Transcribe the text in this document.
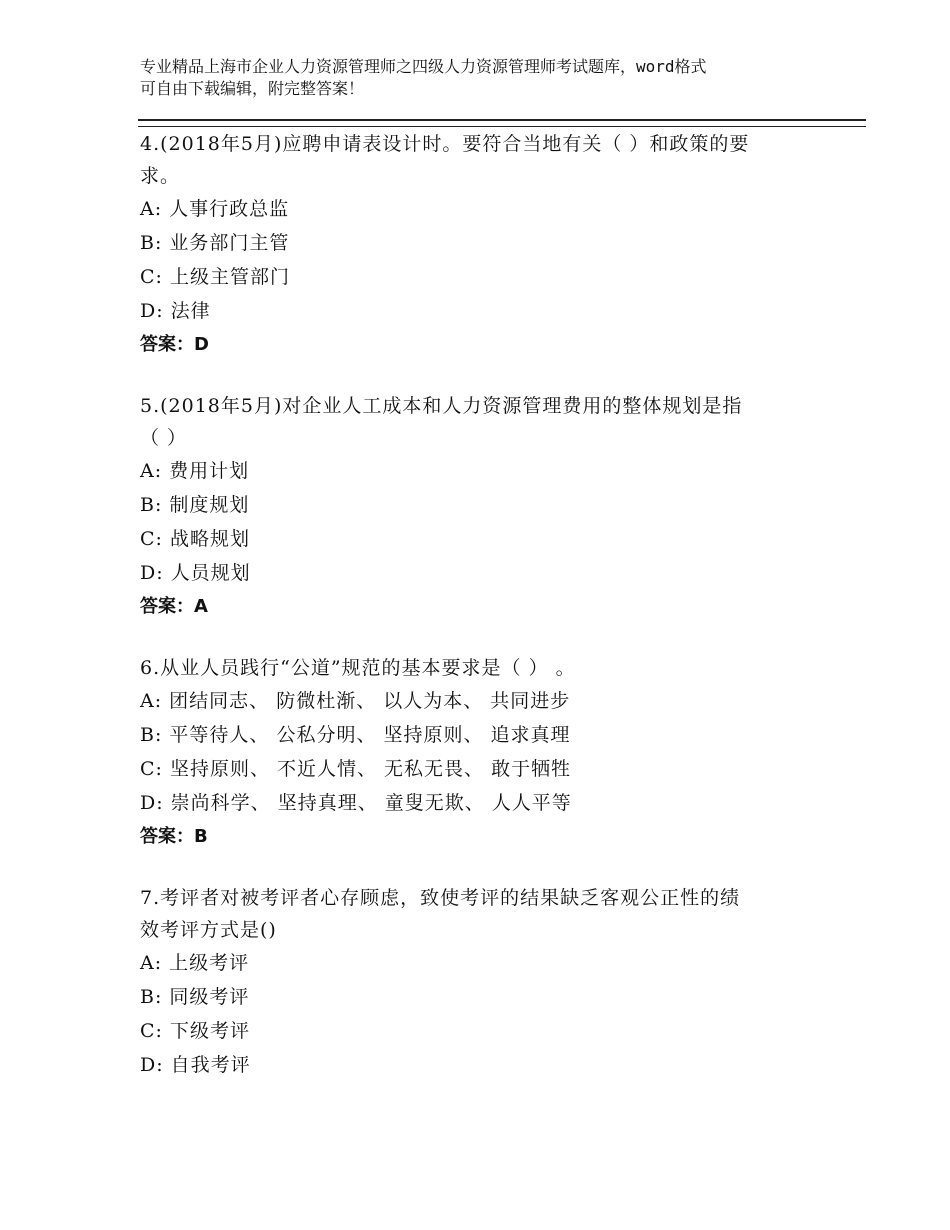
专业精品上海市企业人力资源管理师之四级人力资源管理师考试题库，word格式
可自由下载编辑，附完整答案！

4.(2018年5月)应聘申请表设计时。要符合当地有关（ ）和政策的要

求。

A: 人事行政总监

B: 业务部门主管

C: 上级主管部门

D: 法律

答案：D

5.(2018年5月)对企业人工成本和人力资源管理费用的整体规划是指

（ ）

A: 费用计划

B: 制度规划

C: 战略规划

D: 人员规划

答案：A

6.从业人员践行“公道”规范的基本要求是（ ） 。

A: 团结同志、 防微杜渐、 以人为本、 共同进步

B: 平等待人、 公私分明、 坚持原则、 追求真理

C: 坚持原则、 不近人情、 无私无畏、 敢于牺牲

D: 崇尚科学、 坚持真理、 童叟无欺、 人人平等

答案：B

7.考评者对被考评者心存顾虑，致使考评的结果缺乏客观公正性的绩

效考评方式是()

A: 上级考评

B: 同级考评

C: 下级考评

D: 自我考评
